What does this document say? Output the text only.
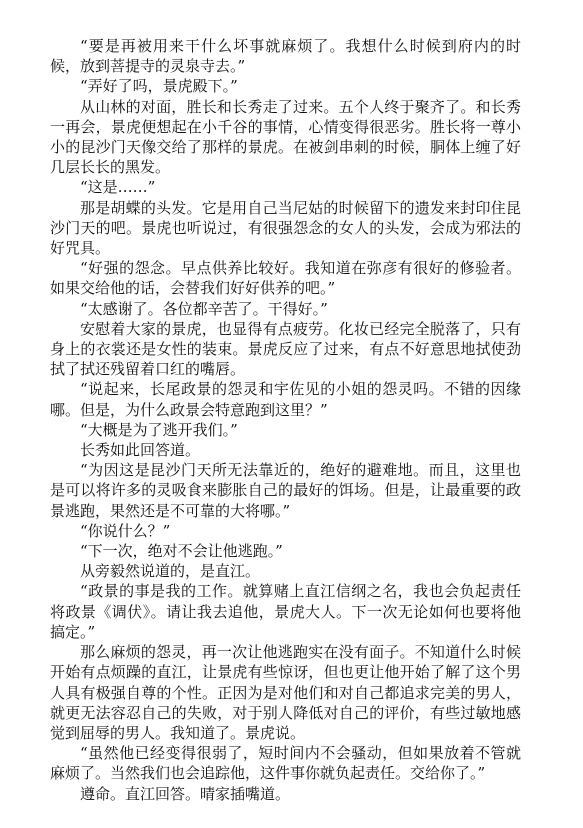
“要是再被用来干什么坏事就麻烦了。我想什么时候到府内的时候，放到菩提寺的灵泉寺去。”

“弄好了吗，景虎殿下。”

从山林的对面，胜长和长秀走了过来。五个人终于聚齐了。和长秀一再会，景虎便想起在小千谷的事情，心情变得很恶劣。胜长将一尊小小的昆沙门天像交给了那样的景虎。在被剑串刺的时候，胴体上缠了好几层长长的黑发。

“这是……”

那是胡蝶的头发。它是用自己当尼姑的时候留下的遗发来封印住昆沙门天的吧。景虎也听说过，有很强怨念的女人的头发，会成为邪法的好咒具。

“好强的怨念。早点供养比较好。我知道在弥彦有很好的修验者。如果交给他的话，会替我们好好供养的吧。”

“太感谢了。各位都辛苦了。干得好。”

安慰着大家的景虎，也显得有点疲劳。化妆已经完全脱落了，只有身上的衣裳还是女性的装束。景虎反应了过来，有点不好意思地拭使劲拭了拭还残留着口红的嘴唇。

“说起来，长尾政景的怨灵和宇佐见的小姐的怨灵吗。不错的因缘哪。但是，为什么政景会特意跑到这里？”

“大概是为了逃开我们。”

长秀如此回答道。

“为因这是昆沙门天所无法靠近的，绝好的避难地。而且，这里也是可以将许多的灵吸食来膨胀自己的最好的饵场。但是，让最重要的政景逃跑，果然还是不可靠的大将哪。”

“你说什么？”

“下一次，绝对不会让他逃跑。”

从旁毅然说道的，是直江。

“政景的事是我的工作。就算赌上直江信纲之名，我也会负起责任将政景《调伏》。请让我去追他，景虎大人。下一次无论如何也要将他搞定。”

那么麻烦的怨灵，再一次让他逃跑实在没有面子。不知道什么时候开始有点烦躁的直江，让景虎有些惊讶，但也更让他开始了解了这个男人具有极强自尊的个性。正因为是对他们和对自己都追求完美的男人，就更无法容忍自己的失败，对于别人降低对自己的评价，有些过敏地感觉到屈辱的男人。我知道了。景虎说。

“虽然他已经变得很弱了，短时间内不会骚动，但如果放着不管就麻烦了。当然我们也会追踪他，这件事你就负起责任。交给你了。”

遵命。直江回答。晴家插嘴道。
